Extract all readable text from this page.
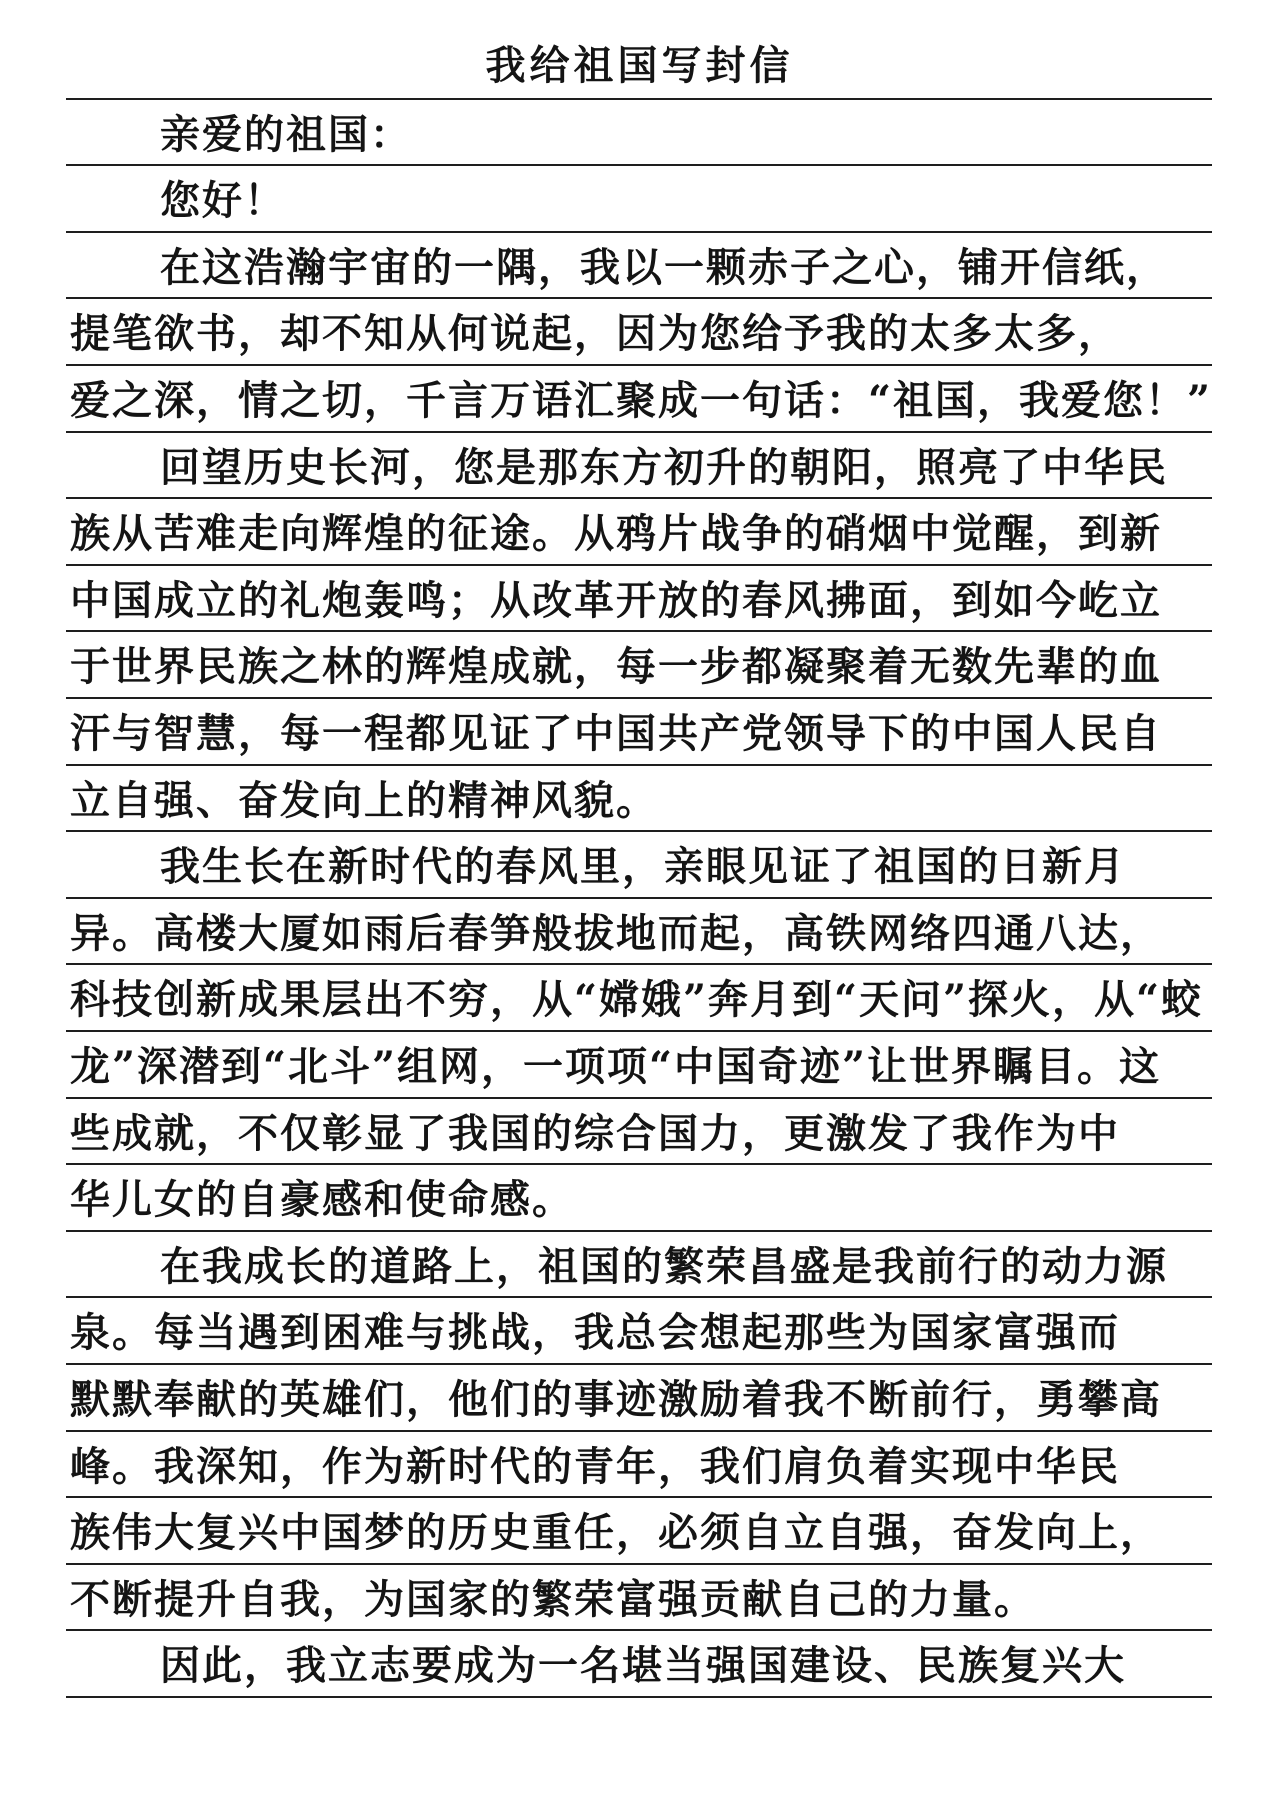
我给祖国写封信
亲爱的祖国：
您好！
在这浩瀚宇宙的一隅，我以一颗赤子之心，铺开信纸，
提笔欲书，却不知从何说起，因为您给予我的太多太多，
爱之深，情之切，千言万语汇聚成一句话：“祖国，我爱您！”
回望历史长河，您是那东方初升的朝阳，照亮了中华民
族从苦难走向辉煌的征途。从鸦片战争的硝烟中觉醒，到新
中国成立的礼炮轰鸣；从改革开放的春风拂面，到如今屹立
于世界民族之林的辉煌成就，每一步都凝聚着无数先辈的血
汗与智慧，每一程都见证了中国共产党领导下的中国人民自
立自强、奋发向上的精神风貌。
我生长在新时代的春风里，亲眼见证了祖国的日新月
异。高楼大厦如雨后春笋般拔地而起，高铁网络四通八达，
科技创新成果层出不穷，从“嫦娥”奔月到“天问”探火，从“蛟
龙”深潜到“北斗”组网，一项项“中国奇迹”让世界瞩目。这
些成就，不仅彰显了我国的综合国力，更激发了我作为中
华儿女的自豪感和使命感。
在我成长的道路上，祖国的繁荣昌盛是我前行的动力源
泉。每当遇到困难与挑战，我总会想起那些为国家富强而
默默奉献的英雄们，他们的事迹激励着我不断前行，勇攀高
峰。我深知，作为新时代的青年，我们肩负着实现中华民
族伟大复兴中国梦的历史重任，必须自立自强，奋发向上，
不断提升自我，为国家的繁荣富强贡献自己的力量。
因此，我立志要成为一名堪当强国建设、民族复兴大
